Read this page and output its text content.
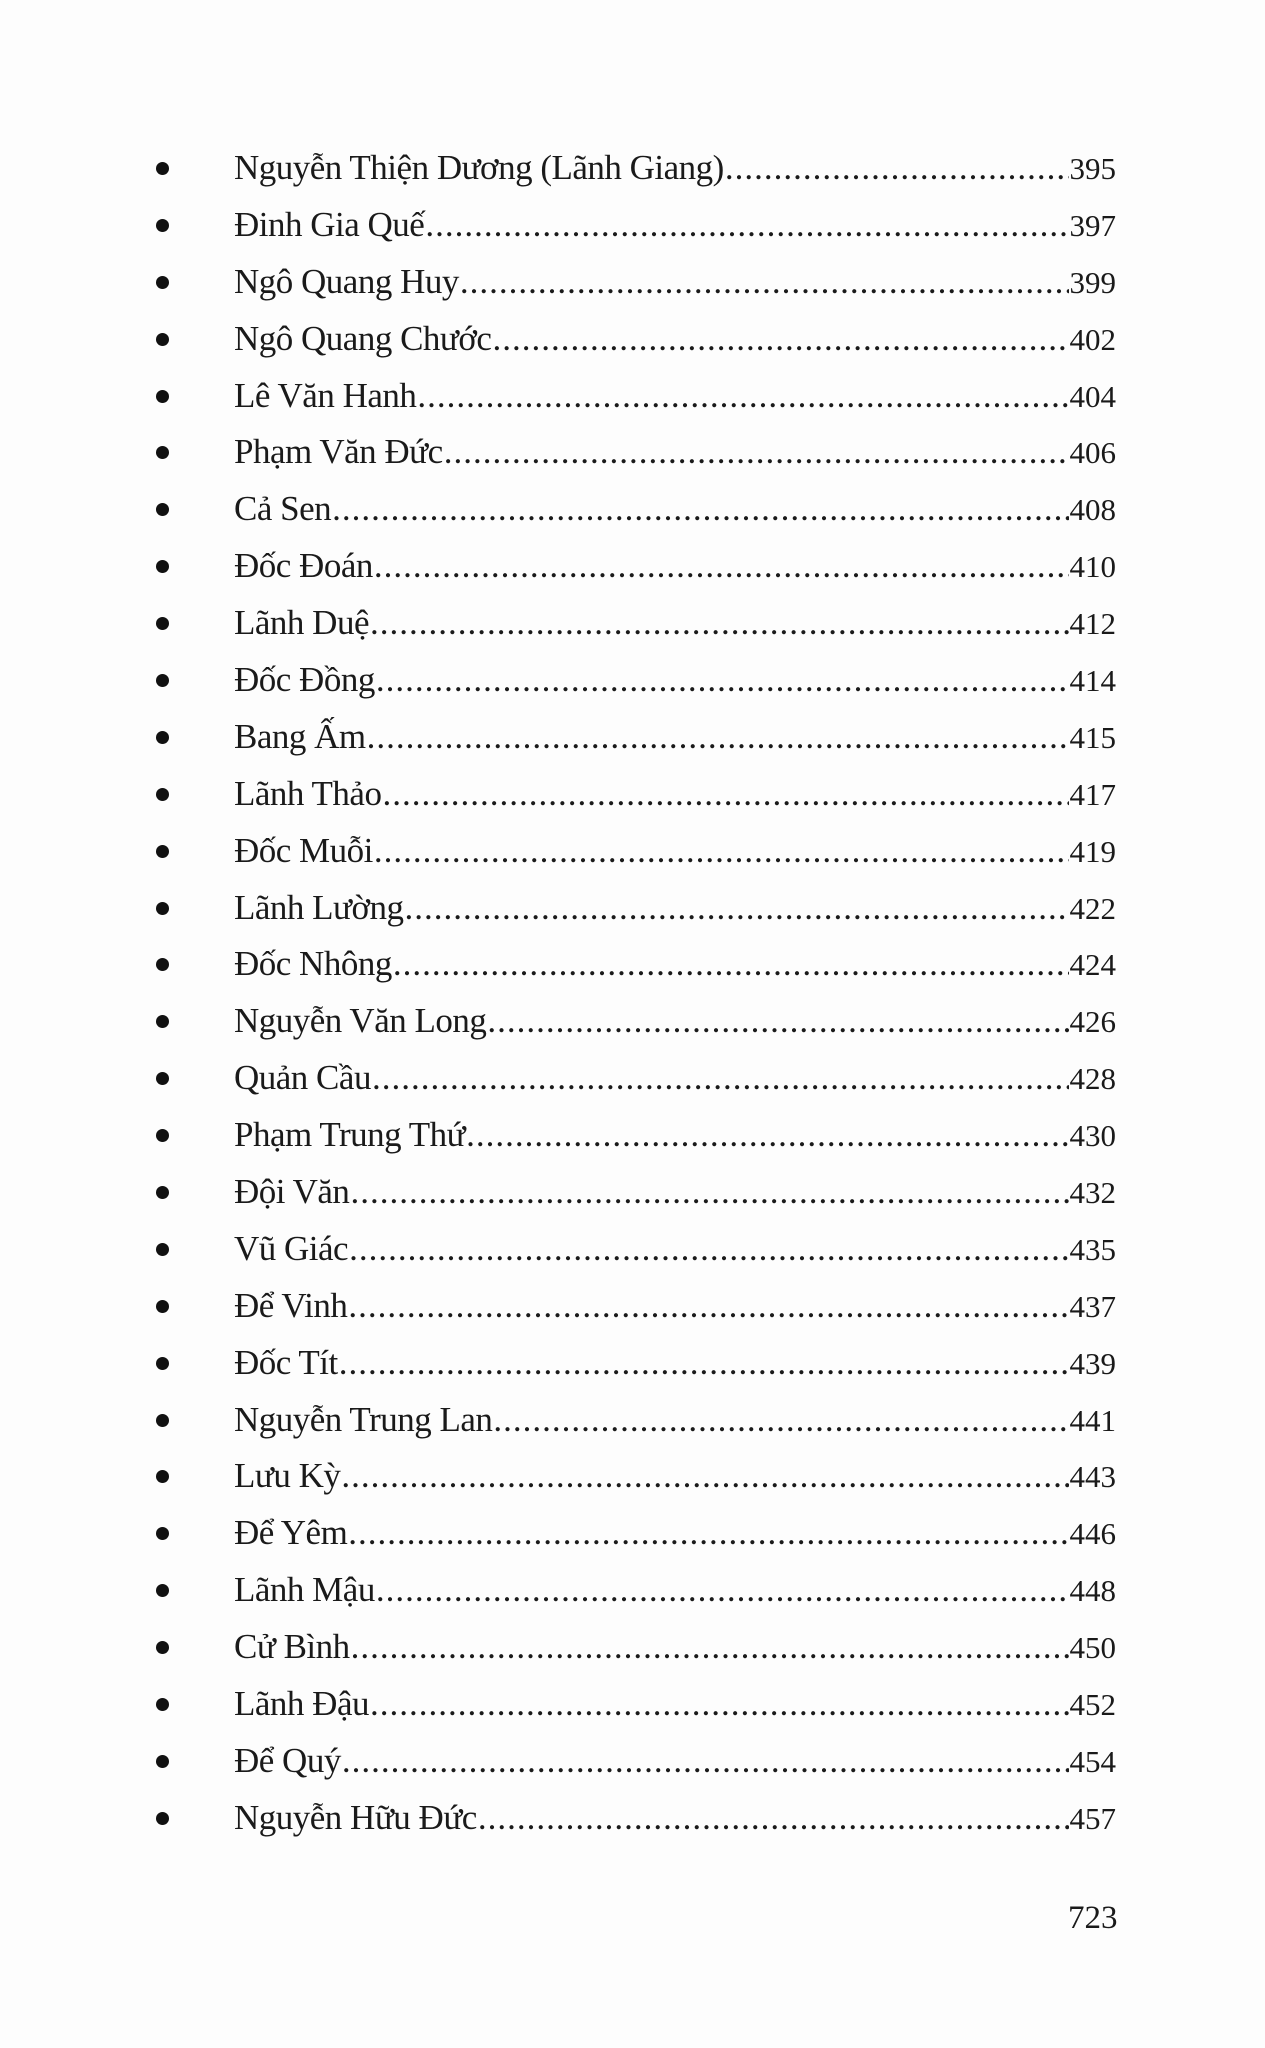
Nguyễn Thiện Dương (Lãnh Giang) .....	395
Đinh Gia Quế .....	397
Ngô Quang Huy .....	399
Ngô Quang Chước .....	402
Lê Văn Hanh .....	404
Phạm Văn Đức .....	406
Cả Sen .....	408
Đốc Đoán .....	410
Lãnh Duệ .....	412
Đốc Đồng .....	414
Bang Ấm .....	415
Lãnh Thảo .....	417
Đốc Muỗi .....	419
Lãnh Lường .....	422
Đốc Nhông .....	424
Nguyễn Văn Long .....	426
Quản Cầu .....	428
Phạm Trung Thứ .....	430
Đội Văn .....	432
Vũ Giác .....	435
Để Vinh .....	437
Đốc Tít .....	439
Nguyễn Trung Lan .....	441
Lưu Kỳ .....	443
Để Yêm .....	446
Lãnh Mậu .....	448
Cử Bình .....	450
Lãnh Đậu .....	452
Để Quý .....	454
Nguyễn Hữu Đức .....	457
723
